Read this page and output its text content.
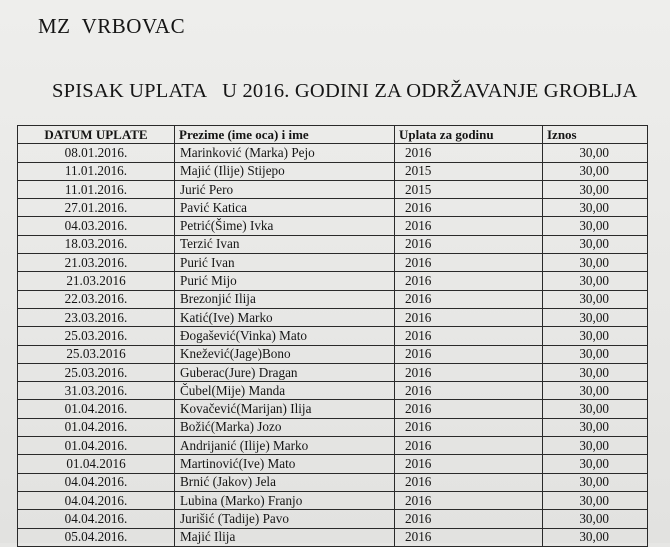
MZ  VRBOVAC
SPISAK UPLATA   U 2016. GODINI ZA ODRŽAVANJE GROBLJA
DATUM UPLATE	Prezime (ime oca) i ime	Uplata za godinu	Iznos
08.01.2016.	Marinković (Marka) Pejo	2016	30,00
11.01.2016.	Majić (Ilije) Stijepo	2015	30,00
11.01.2016.	Jurić Pero	2015	30,00
27.01.2016.	Pavić Katica	2016	30,00
04.03.2016.	Petrić(Šime) Ivka	2016	30,00
18.03.2016.	Terzić Ivan	2016	30,00
21.03.2016.	Purić Ivan	2016	30,00
21.03.2016	Purić Mijo	2016	30,00
22.03.2016.	Brezonjić Ilija	2016	30,00
23.03.2016.	Katić(Ive) Marko	2016	30,00
25.03.2016.	Đogašević(Vinka) Mato	2016	30,00
25.03.2016	Knežević(Jage)Bono	2016	30,00
25.03.2016.	Guberac(Jure) Dragan	2016	30,00
31.03.2016.	Čubel(Mije) Manda	2016	30,00
01.04.2016.	Kovačević(Marijan) Ilija	2016	30,00
01.04.2016.	Božić(Marka) Jozo	2016	30,00
01.04.2016.	Andrijanić (Ilije) Marko	2016	30,00
01.04.2016	Martinović(Ive) Mato	2016	30,00
04.04.2016.	Brnić (Jakov) Jela	2016	30,00
04.04.2016.	Lubina (Marko) Franjo	2016	30,00
04.04.2016.	Jurišić (Tadije) Pavo	2016	30,00
05.04.2016.	Majić Ilija	2016	30,00
